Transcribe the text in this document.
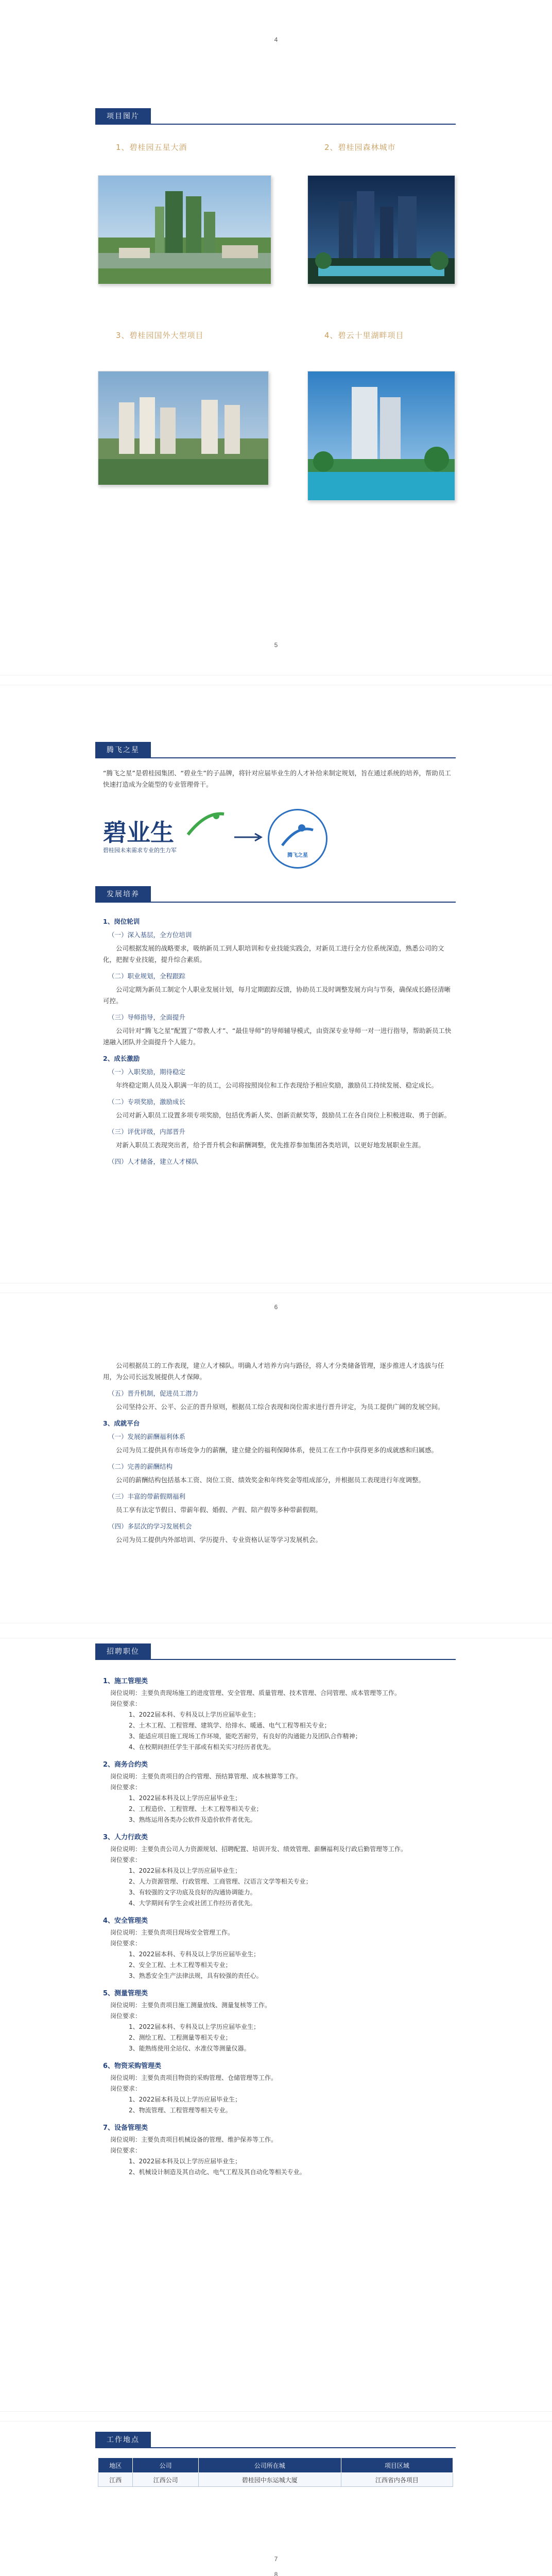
4
项目图片
1、碧桂园五星大酒	2、碧桂园森林城市
3、碧桂园国外大型项目	4、碧云十里湖畔项目
5
腾飞之星
“腾飞之星”是碧桂园集团、“碧业生”的子品牌，将针对应届毕业生的人才补给来制定规划，旨在通过系统的培养，帮助员工快速打造成为全能型的专业管理骨干。
碧业生
碧桂园未来需求专业的生力军
腾飞之星
发展培养
1、岗位轮训
（一）深入基层，全方位培训
公司根据发展的战略要求，吸纳新员工到人职培训和专业技能实践会，对新员工进行全方位系统深造，熟悉公司的文化，把握专业技能，提升综合素质。
（二）职业规划，全程跟踪
公司定期为新员工制定个人职业发展计划，每月定期跟踪反馈，协助员工及时调整发展方向与节奏，确保成长路径清晰可控。
（三）导师指导，全面提升
公司针对“腾飞之星”配置了“带教人才”、“最佳导师”的导师辅导模式，由资深专业导师一对一进行指导，帮助新员工快速融入团队并全面提升个人能力。
2、成长激励
（一）入职奖励，期待稳定
年终稳定期人员及入职满一年的员工，公司将按照岗位和工作表现给予相应奖励，激励员工持续发展、稳定成长。
（二）专项奖励，激励成长
公司对新入职员工设置多项专项奖励，包括优秀新人奖、创新贡献奖等，鼓励员工在各自岗位上积极进取、勇于创新。
（三）评优评级，内部晋升
对新入职员工表现突出者，给予晋升机会和薪酬调整，优先推荐参加集团各类培训，以更好地发展职业生涯。
（四）人才储备，建立人才梯队
6
公司根据员工的工作表现，建立人才梯队。明确人才培养方向与路径，将人才分类储备管理，逐步推进人才选拔与任用，为公司长远发展提供人才保障。
（五）晋升机制，促进员工潜力
公司坚持公开、公平、公正的晋升原则，根据员工综合表现和岗位需求进行晋升评定，为员工提供广阔的发展空间。
3、成就平台
（一）发展的薪酬福利体系
公司为员工提供具有市场竞争力的薪酬，建立健全的福利保障体系，使员工在工作中获得更多的成就感和归属感。
（二）完善的薪酬结构
公司的薪酬结构包括基本工资、岗位工资、绩效奖金和年终奖金等组成部分，并根据员工表现进行年度调整。
（三）丰富的带薪假期福利
员工享有法定节假日、带薪年假、婚假、产假、陪产假等多种带薪假期。
（四）多层次的学习发展机会
公司为员工提供内外部培训、学历提升、专业资格认证等学习发展机会。
招聘职位
1、施工管理类
岗位说明：主要负责现场施工的进度管理、安全管理、质量管理、技术管理、合同管理、成本管理等工作。
岗位要求：
1、2022届本科、专科及以上学历应届毕业生；
2、土木工程、工程管理、建筑学、给排水、暖通、电气工程等相关专业；
3、能适应项目施工现场工作环境，能吃苦耐劳，有良好的沟通能力及团队合作精神；
4、在校期间担任学生干部或有相关实习经历者优先。
2、商务合约类
岗位说明：主要负责项目的合约管理、预结算管理、成本核算等工作。
岗位要求：
1、2022届本科及以上学历应届毕业生；
2、工程造价、工程管理、土木工程等相关专业；
3、熟练运用各类办公软件及造价软件者优先。
3、人力行政类
岗位说明：主要负责公司人力资源规划、招聘配置、培训开发、绩效管理、薪酬福利及行政后勤管理等工作。
岗位要求：
1、2022届本科及以上学历应届毕业生；
2、人力资源管理、行政管理、工商管理、汉语言文学等相关专业；
3、有较强的文字功底及良好的沟通协调能力。
4、大学期间有学生会或社团工作经历者优先。
4、安全管理类
岗位说明：主要负责项目现场安全管理工作。
岗位要求：
1、2022届本科、专科及以上学历应届毕业生；
2、安全工程、土木工程等相关专业；
3、熟悉安全生产法律法规，具有较强的责任心。
5、测量管理类
岗位说明：主要负责项目施工测量放线、测量复核等工作。
岗位要求：
1、2022届本科、专科及以上学历应届毕业生；
2、测绘工程、工程测量等相关专业；
3、能熟练使用全站仪、水准仪等测量仪器。
6、物资采购管理类
岗位说明：主要负责项目物资的采购管理、仓储管理等工作。
岗位要求：
1、2022届本科及以上学历应届毕业生；
2、物流管理、工程管理等相关专业。
7、设备管理类
岗位说明：主要负责项目机械设备的管理、维护保养等工作。
岗位要求：
1、2022届本科及以上学历应届毕业生；
2、机械设计制造及其自动化、电气工程及其自动化等相关专业。
工作地点
地区	公司	公司所在城	项目区域
江西	江西公司	碧桂园中东运城大厦	江西省内各项目
7

8
